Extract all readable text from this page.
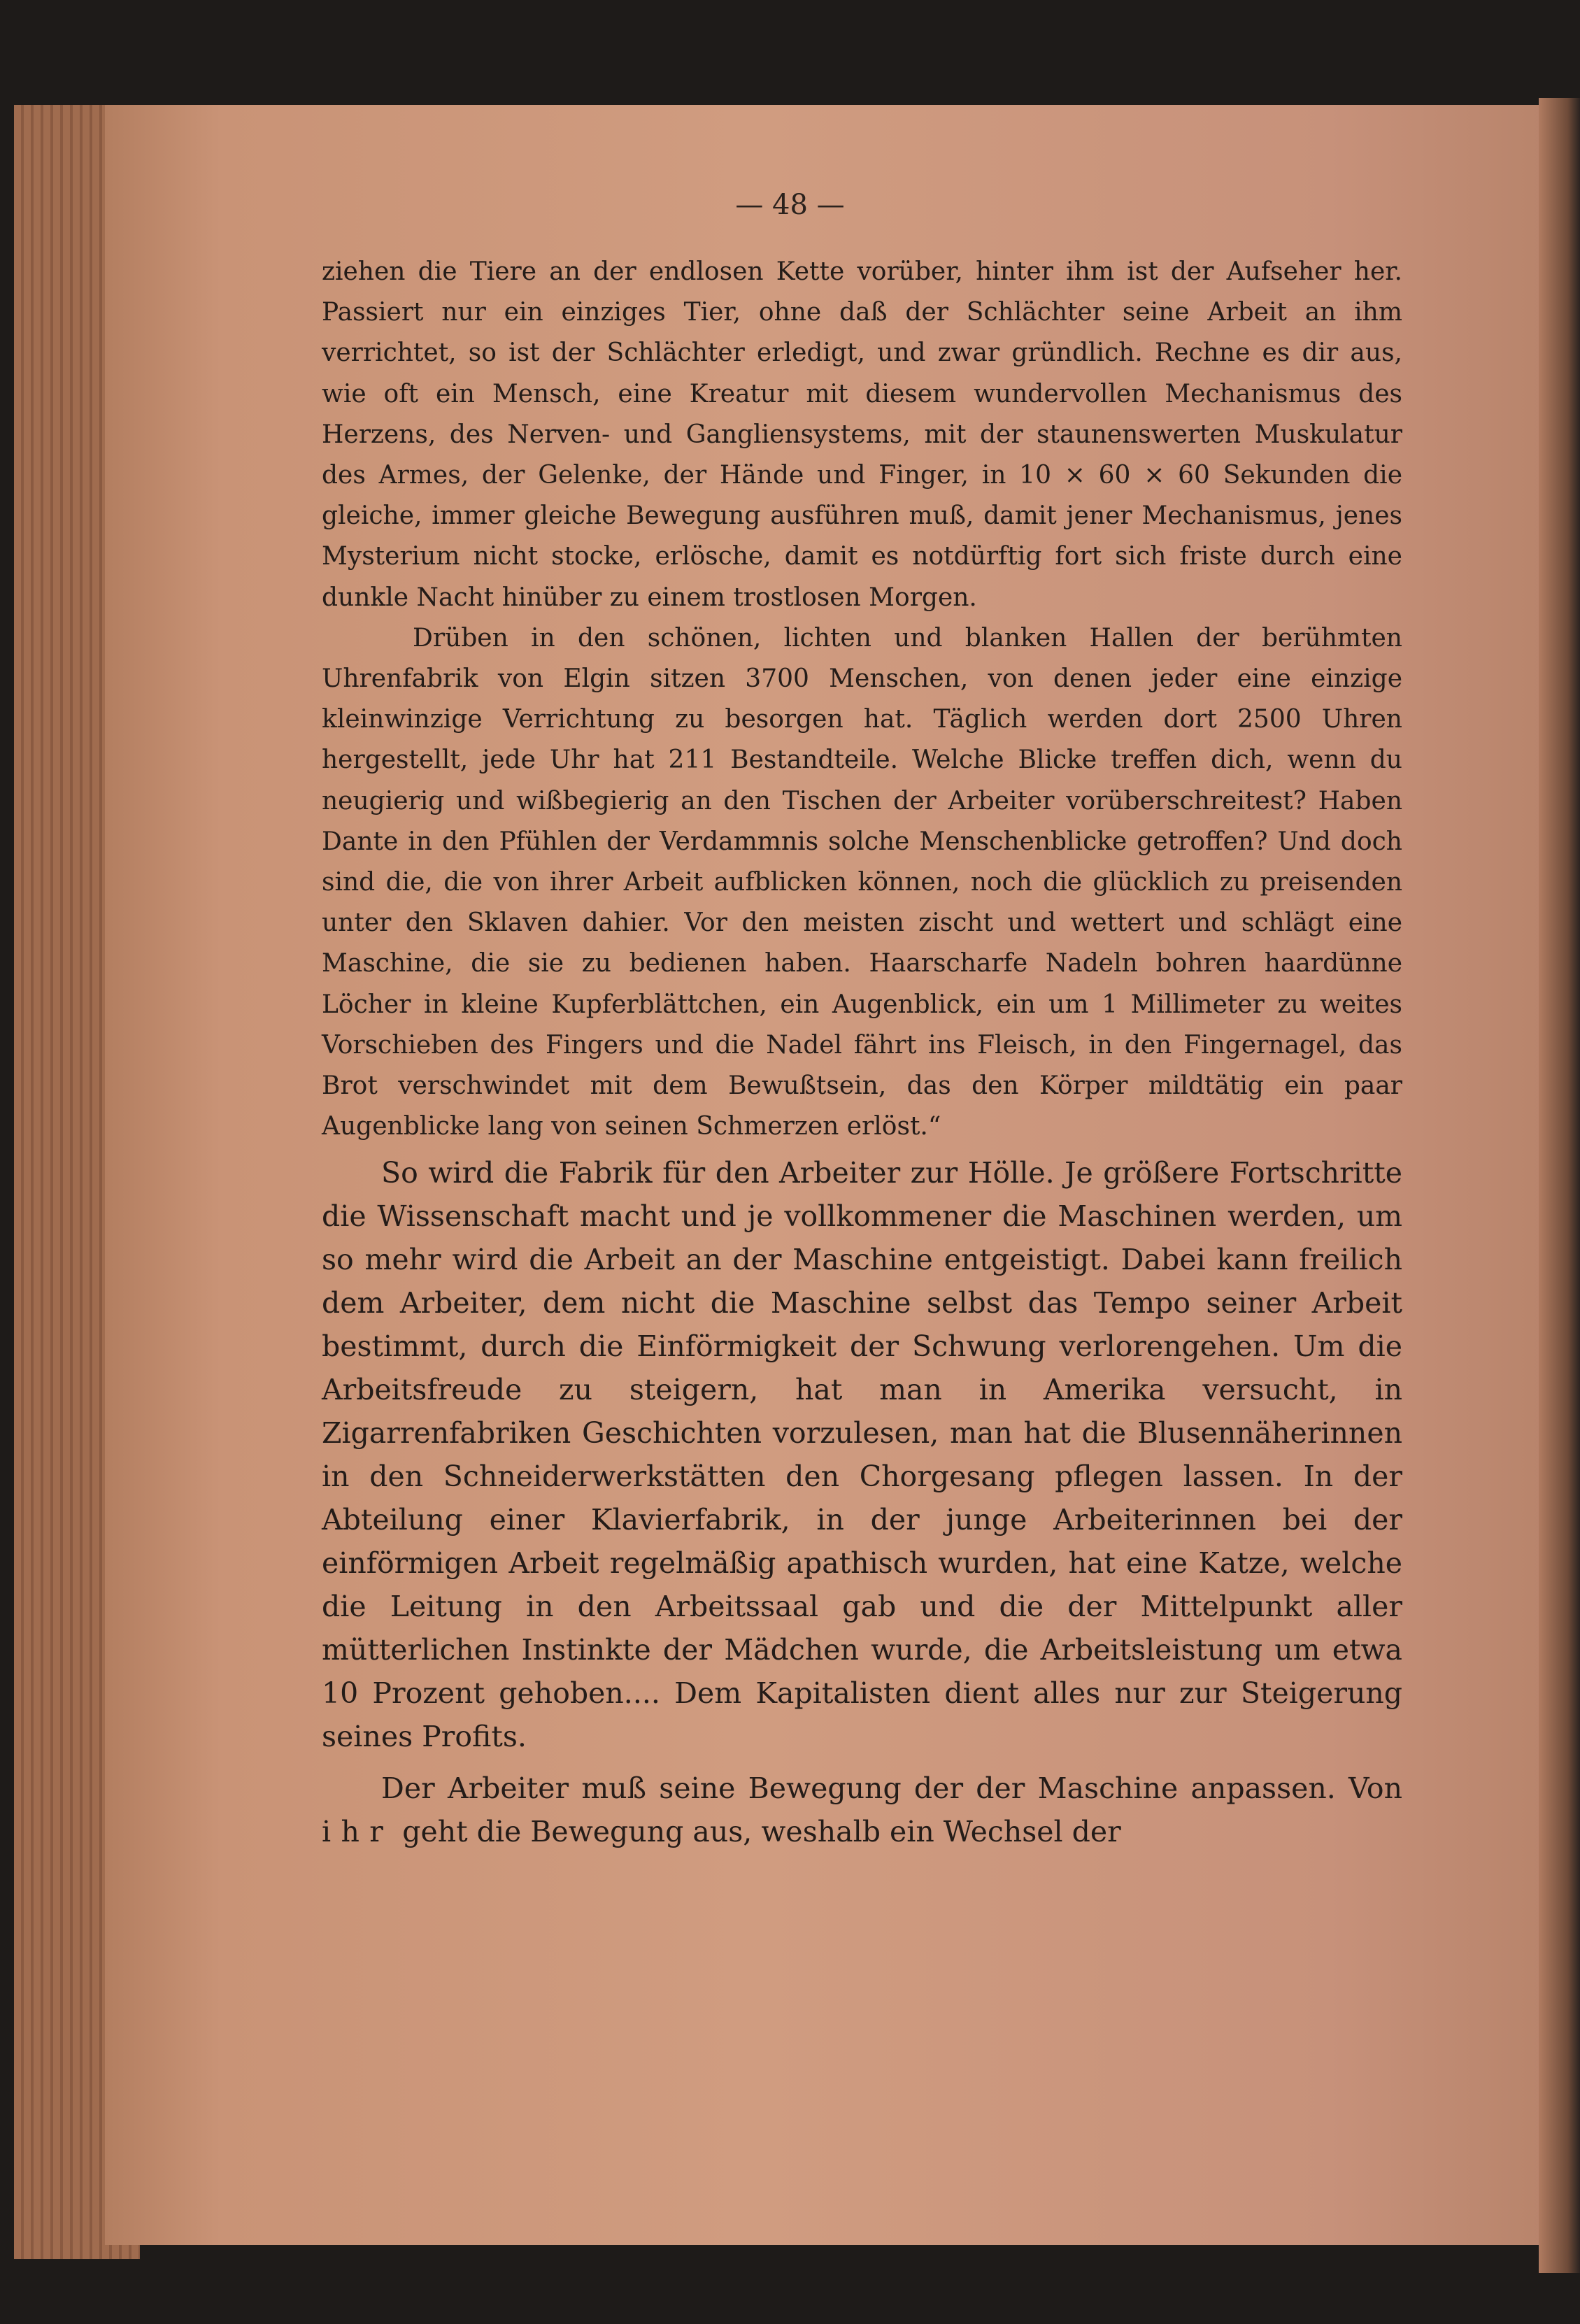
— 48 —

ziehen die Tiere an der endlosen Kette vorüber, hinter ihm ist der Aufseher her. Passiert nur ein einziges Tier, ohne daß der Schlächter seine Arbeit an ihm verrichtet, so ist der Schlächter erledigt, und zwar gründlich. Rechne es dir aus, wie oft ein Mensch, eine Kreatur mit diesem wundervollen Mechanismus des Herzens, des Nerven- und Gangliensystems, mit der staunenswerten Muskulatur des Armes, der Gelenke, der Hände und Finger, in 10 × 60 × 60 Sekunden die gleiche, immer gleiche Bewegung ausführen muß, damit jener Mechanismus, jenes Mysterium nicht stocke, erlösche, damit es notdürftig fort sich friste durch eine dunkle Nacht hinüber zu einem trostlosen Morgen.

Drüben in den schönen, lichten und blanken Hallen der berühmten Uhrenfabrik von Elgin sitzen 3700 Menschen, von denen jeder eine einzige kleinwinzige Verrichtung zu besorgen hat. Täglich werden dort 2500 Uhren hergestellt, jede Uhr hat 211 Bestandteile. Welche Blicke treffen dich, wenn du neugierig und wißbegierig an den Tischen der Arbeiter vorüberschreitest? Haben Dante in den Pfühlen der Verdammnis solche Menschenblicke getroffen? Und doch sind die, die von ihrer Arbeit aufblicken können, noch die glücklich zu preisenden unter den Sklaven dahier. Vor den meisten zischt und wettert und schlägt eine Maschine, die sie zu bedienen haben. Haarscharfe Nadeln bohren haardünne Löcher in kleine Kupferblättchen, ein Augenblick, ein um 1 Millimeter zu weites Vorschieben des Fingers und die Nadel fährt ins Fleisch, in den Fingernagel, das Brot verschwindet mit dem Bewußtsein, das den Körper mildtätig ein paar Augenblicke lang von seinen Schmerzen erlöst.“

So wird die Fabrik für den Arbeiter zur Hölle. Je größere Fortschritte die Wissenschaft macht und je vollkommener die Maschinen werden, um so mehr wird die Arbeit an der Maschine entgeistigt. Dabei kann freilich dem Arbeiter, dem nicht die Maschine selbst das Tempo seiner Arbeit bestimmt, durch die Einförmigkeit der Schwung verlorengehen. Um die Arbeitsfreude zu steigern, hat man in Amerika versucht, in Zigarrenfabriken Geschichten vorzulesen, man hat die Blusennäherinnen in den Schneiderwerkstätten den Chorgesang pflegen lassen. In der Abteilung einer Klavierfabrik, in der junge Arbeiterinnen bei der einförmigen Arbeit regelmäßig apathisch wurden, hat eine Katze, welche die Leitung in den Arbeitssaal gab und die der Mittelpunkt aller mütterlichen Instinkte der Mädchen wurde, die Arbeitsleistung um etwa 10 Prozent gehoben.... Dem Kapitalisten dient alles nur zur Steigerung seines Profits.

Der Arbeiter muß seine Bewegung der der Maschine anpassen. Von ihr geht die Bewegung aus, weshalb ein Wechsel der
